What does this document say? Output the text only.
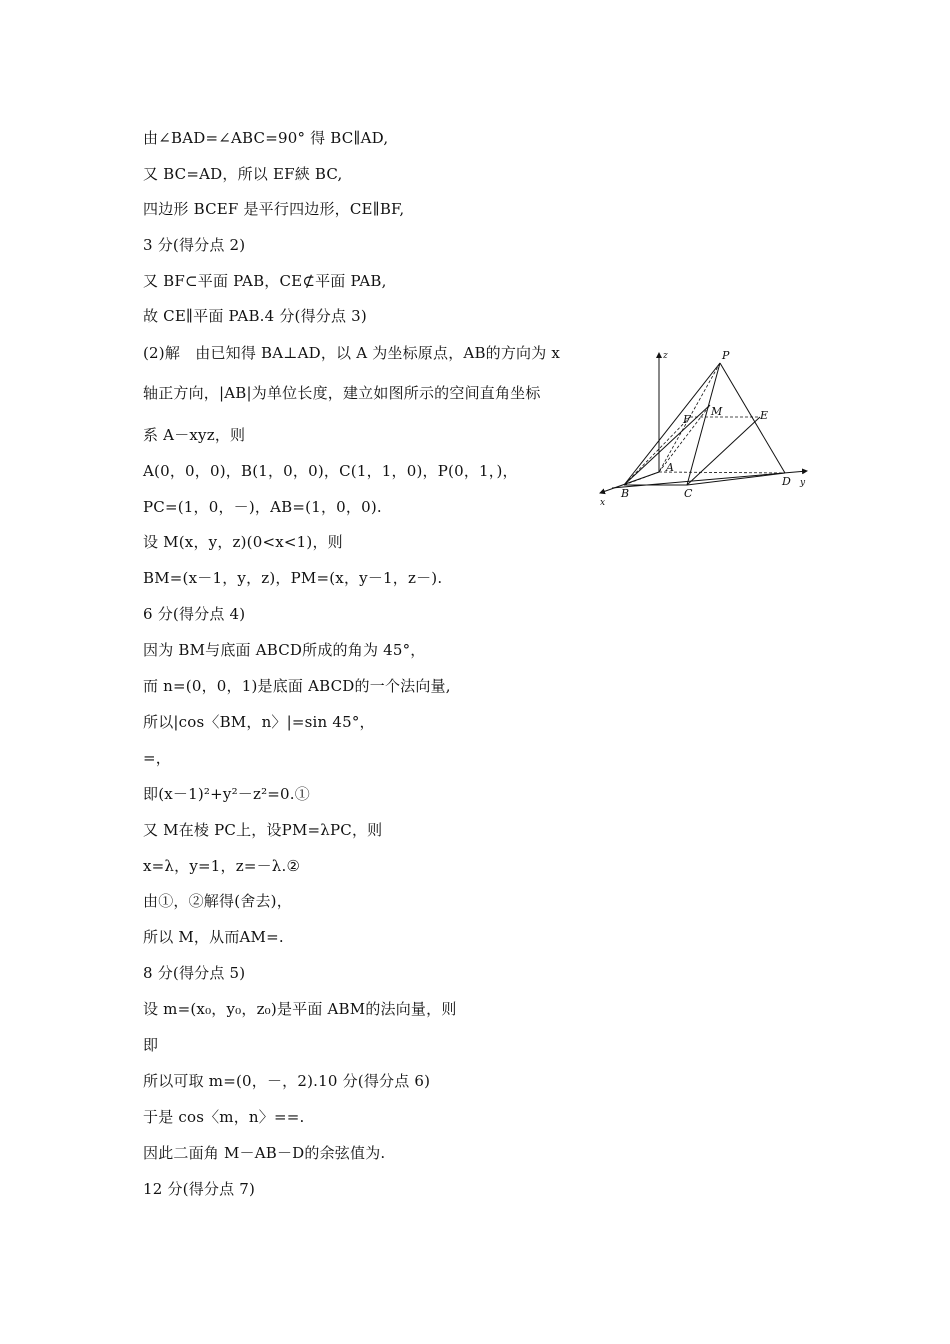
由∠BAD=∠ABC=90° 得 BC∥AD,
又 BC=AD，所以 EF綊 BC,
四边形 BCEF 是平行四边形，CE∥BF,
3 分(得分点 2)
又 BF⊂平面 PAB，CE⊄平面 PAB,
故 CE∥平面 PAB.4 分(得分点 3)
(2)解　由已知得 BA⊥AD，以 A 为坐标原点，AB的方向为 x
轴正方向，|AB|为单位长度，建立如图所示的空间直角坐标
系 A－xyz，则
A(0，0，0)，B(1，0，0)，C(1，1，0)，P(0，1，)，
PC=(1，0，－)，AB=(1，0，0).
设 M(x，y，z)(0<x<1)，则
BM=(x－1，y，z)，PM=(x，y－1，z－).
6 分(得分点 4)
因为 BM与底面 ABCD所成的角为 45°，
而 n=(0，0，1)是底面 ABCD的一个法向量,
所以|cos〈BM，n〉|=sin 45°，
=，
即(x－1)²+y²－z²=0.①
又 M在棱 PC上，设PM=λPC，则
x=λ，y=1，z=－λ.②
由①，②解得(舍去)，
所以 M，从而AM=.
8 分(得分点 5)
设 m=(x₀，y₀，z₀)是平面 ABM的法向量，则
即
所以可取 m=(0，－，2).10 分(得分点 6)
于是 cos〈m，n〉==.
因此二面角 M－AB－D的余弦值为.
12 分(得分点 7)
P
M	E
F
A
B	C
D
x
y
z
